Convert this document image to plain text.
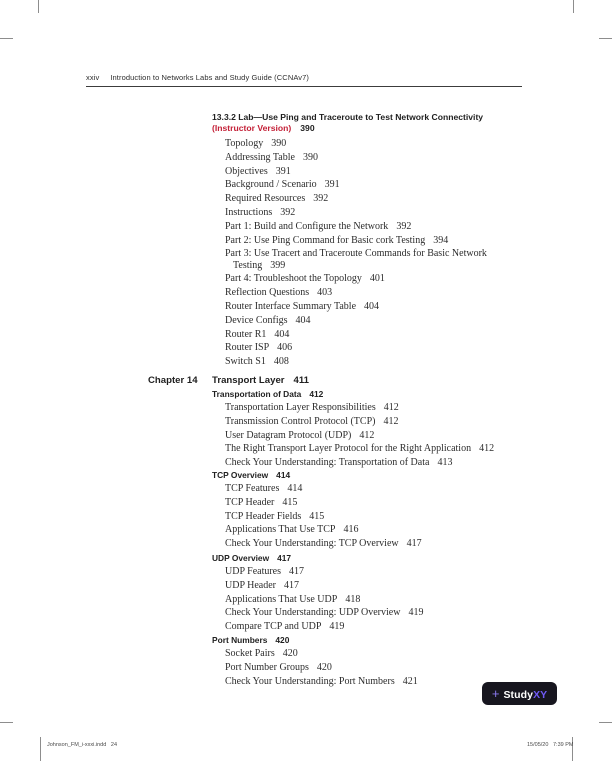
xxiv Introduction to Networks Labs and Study Guide (CCNAv7)
13.3.2 Lab—Use Ping and Traceroute to Test Network Connectivity
(Instructor Version) 390
Topology 390
Addressing Table 390
Objectives 391
Background / Scenario 391
Required Resources 392
Instructions 392
Part 1: Build and Configure the Network 392
Part 2: Use Ping Command for Basic cork Testing 394
Part 3: Use Tracert and Traceroute Commands for Basic Network
Testing 399
Part 4: Troubleshoot the Topology 401
Reflection Questions 403
Router Interface Summary Table 404
Device Configs 404
Router R1 404
Router ISP 406
Switch S1 408
Chapter 14 Transport Layer 411
Transportation of Data 412
Transportation Layer Responsibilities 412
Transmission Control Protocol (TCP) 412
User Datagram Protocol (UDP) 412
The Right Transport Layer Protocol for the Right Application 412
Check Your Understanding: Transportation of Data 413
TCP Overview 414
TCP Features 414
TCP Header 415
TCP Header Fields 415
Applications That Use TCP 416
Check Your Understanding: TCP Overview 417
UDP Overview 417
UDP Features 417
UDP Header 417
Applications That Use UDP 418
Check Your Understanding: UDP Overview 419
Compare TCP and UDP 419
Port Numbers 420
Socket Pairs 420
Port Number Groups 420
Check Your Understanding: Port Numbers 421
+ StudyXY
Johnson_FM_i-xxxi.indd   24	15/05/20   7:39 PM
